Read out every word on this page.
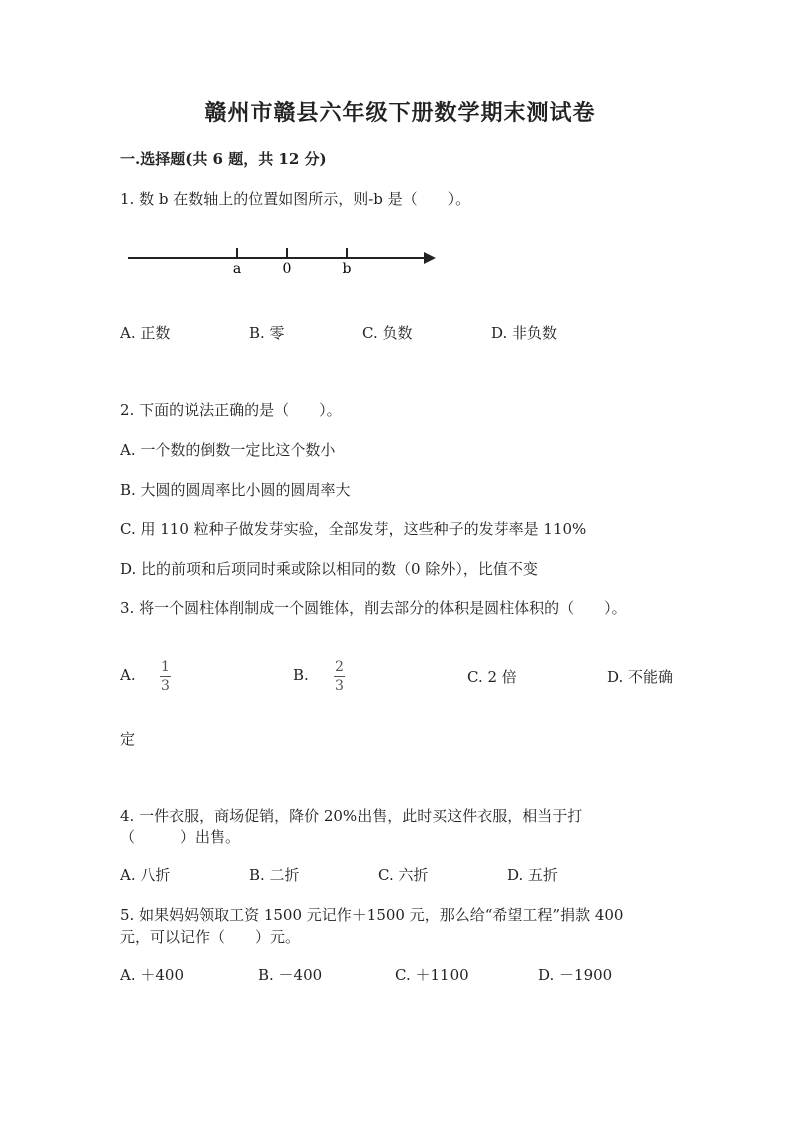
赣州市赣县六年级下册数学期末测试卷
一.选择题(共 6 题，共 12 分)
1. 数 b 在数轴上的位置如图所示，则-b 是（　　）。
a	0	b
A. 正数	B. 零	C. 负数	D. 非负数
2. 下面的说法正确的是（　　）。
A. 一个数的倒数一定比这个数小
B. 大圆的圆周率比小圆的圆周率大
C. 用 110 粒种子做发芽实验，全部发芽，这些种子的发芽率是 110%
D. 比的前项和后项同时乘或除以相同的数（0 除外），比值不变
3. 将一个圆柱体削制成一个圆锥体，削去部分的体积是圆柱体积的（　　）。
A. $\frac{1}{3}$	B. $\frac{2}{3}$	C. 2 倍	D. 不能确
定
4. 一件衣服，商场促销，降价 20%出售，此时买这件衣服，相当于打
（　　　）出售。
A. 八折	B. 二折	C. 六折	D. 五折
5. 如果妈妈领取工资 1500 元记作＋1500 元，那么给“希望工程”捐款 400
元，可以记作（　　）元。
A. ＋400	B. －400	C. ＋1100	D. －1900
